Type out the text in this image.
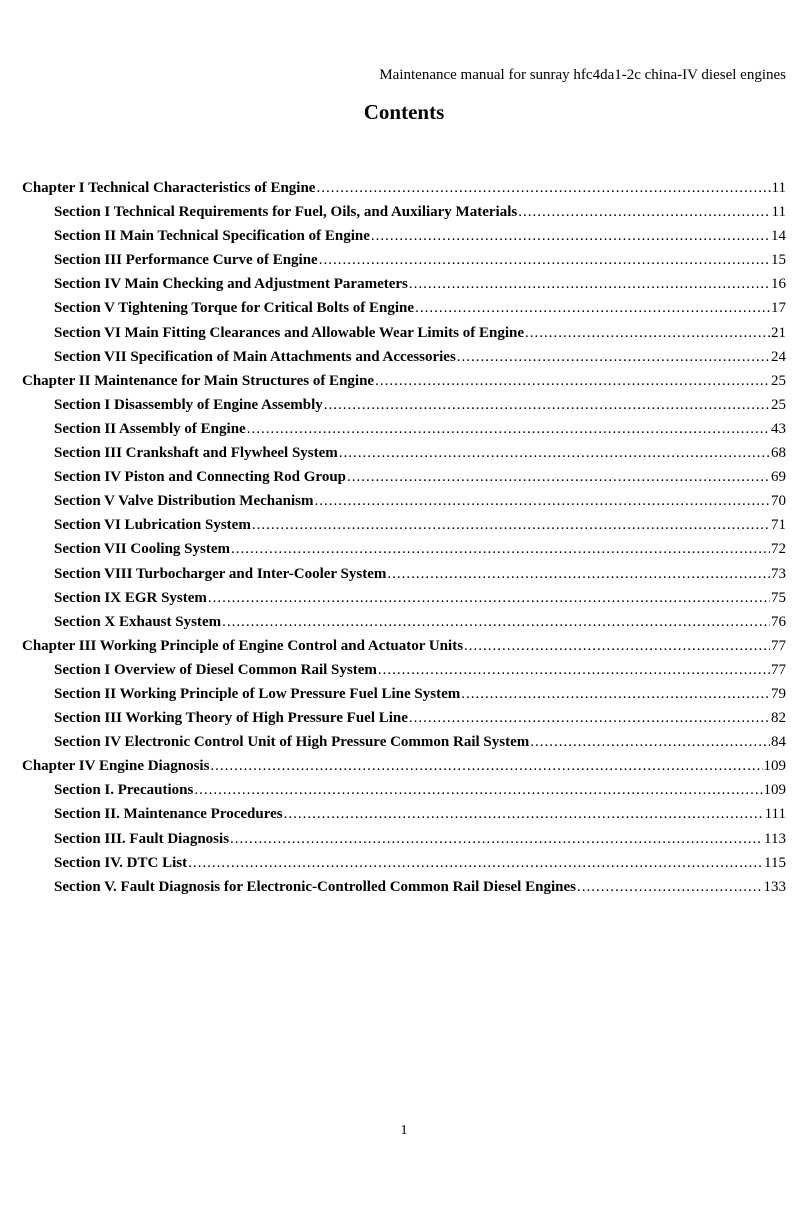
Maintenance manual for sunray hfc4da1-2c china-IV diesel engines
Contents
Chapter I Technical Characteristics of Engine .....	11
Section I Technical Requirements for Fuel, Oils, and Auxiliary Materials .....	11
Section II Main Technical Specification of Engine .....	14
Section III Performance Curve of Engine .....	15
Section IV Main Checking and Adjustment Parameters .....	16
Section V Tightening Torque for Critical Bolts of Engine .....	17
Section VI Main Fitting Clearances and Allowable Wear Limits of Engine .....	21
Section VII Specification of Main Attachments and Accessories .....	24
Chapter II Maintenance for Main Structures of Engine .....	25
Section I Disassembly of Engine Assembly .....	25
Section II Assembly of Engine .....	43
Section III Crankshaft and Flywheel System .....	68
Section IV Piston and Connecting Rod Group .....	69
Section V Valve Distribution Mechanism .....	70
Section VI Lubrication System .....	71
Section VII Cooling System .....	72
Section VIII Turbocharger and Inter-Cooler System .....	73
Section IX EGR System .....	75
Section X Exhaust System .....	76
Chapter III Working Principle of Engine Control and Actuator Units .....	77
Section I Overview of Diesel Common Rail System .....	77
Section II Working Principle of Low Pressure Fuel Line System .....	79
Section III Working Theory of High Pressure Fuel Line .....	82
Section IV Electronic Control Unit of High Pressure Common Rail System .....	84
Chapter IV Engine Diagnosis .....	109
Section I. Precautions .....	109
Section II. Maintenance Procedures .....	111
Section III. Fault Diagnosis .....	113
Section IV. DTC List .....	115
Section V. Fault Diagnosis for Electronic-Controlled Common Rail Diesel Engines .....	133
1
